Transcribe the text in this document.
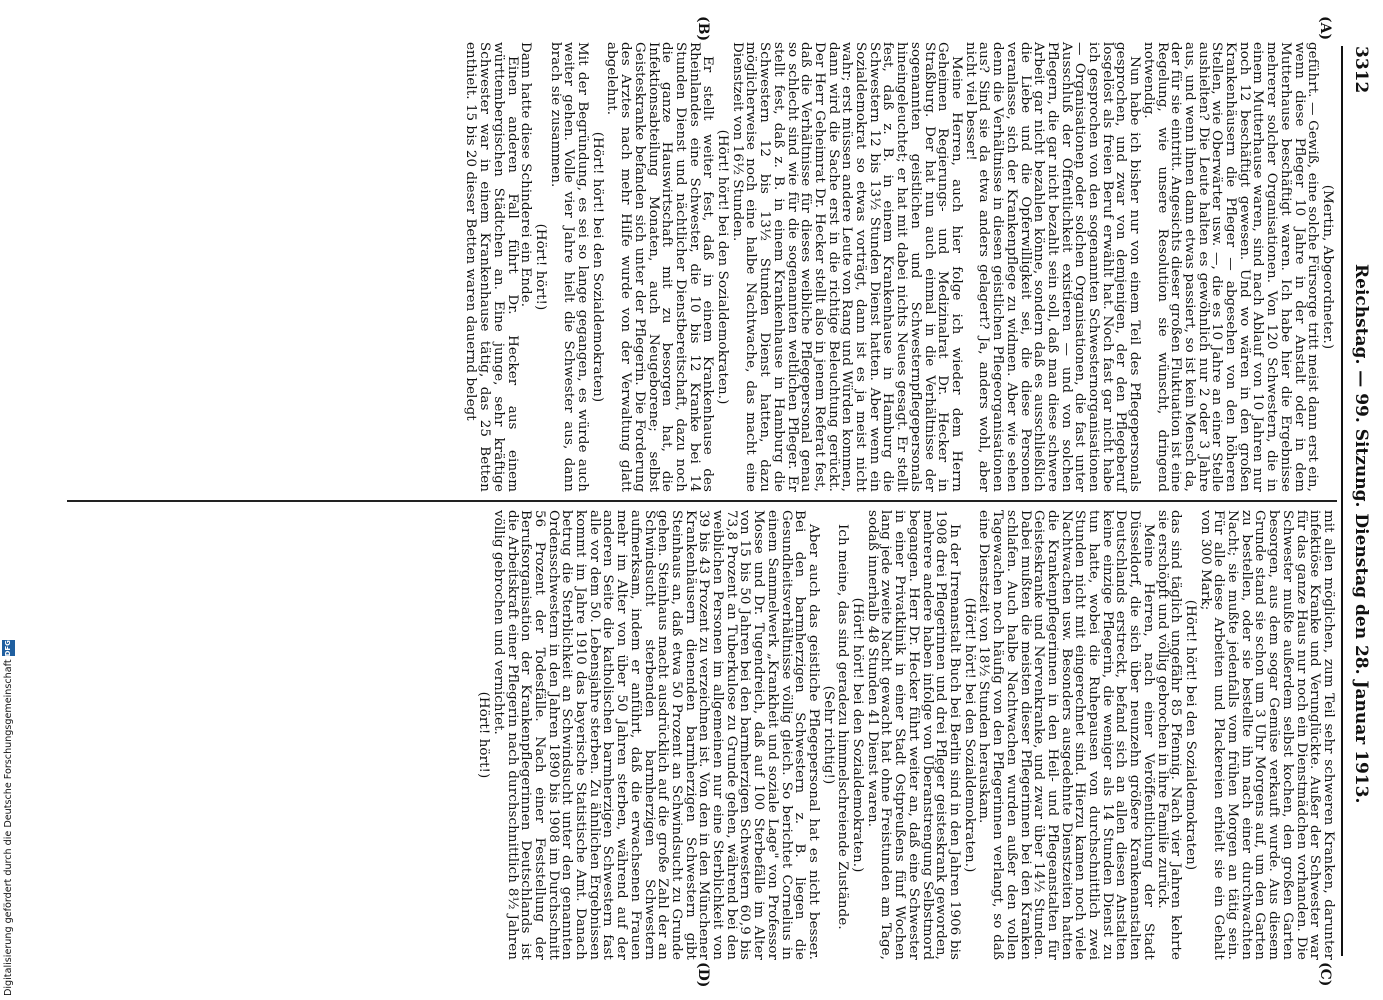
3312
Reichstag. — 99. Sitzung. Dienstag den 28. Januar 1913.
(A)
(B)
(C)
(D)

(Mertin, Abgeordneter.)

geführt. — Gewiß, eine solche Fürsorge tritt meist dann erst ein, wenn diese Pfleger 10 Jahre in der Anstalt oder in dem Mutterhause beschäftigt waren. Ich habe hier die Ergebnisse mehrerer solcher Organisationen. Von 120 Schwestern, die in einem Mutterhause waren, sind nach Ablauf von 10 Jahren nur noch 12 beschäftigt gewesen. Und wo wären in den großen Krankenhäusern die Pfleger — abgesehen von den höheren Stellen, wie Oberwärter usw. —, die es 10 Jahre an einer Stelle aushielten? Die Leute halten es gewöhnlich nur 2 oder 3 Jahre aus, und wenn ihnen dann etwas passiert, so ist kein Mensch da, der für sie eintritt. Angesichts dieser großen Fluktuation ist eine Regelung, wie unsere Resolution sie wünscht, dringend notwendig.

Nun habe ich bisher nur von einem Teil des Pflegepersonals gesprochen, und zwar von demjenigen, der den Pflegeberuf losgelöst als freien Beruf erwählt hat. Noch fast gar nicht habe ich gesprochen von den sogenannten Schwesternorganisationen — Organisationen oder solchen Organisationen, die fast unter Ausschluß der Öffentlichkeit existieren — und von solchen Pflegern, die gar nicht bezahlt sein soll, daß man diese schwere Arbeit gar nicht bezahlen könne, sondern daß es ausschließlich die Liebe und die Opferwilligkeit sei, die diese Personen veranlasse, sich der Krankenpflege zu widmen. Aber wie sehen denn die Verhältnisse in diesen geistlichen Pflegeorganisationen aus? Sind sie da etwa anders gelagert? Ja, anders wohl, aber nicht viel besser!

Meine Herren, auch hier folge ich wieder dem Herrn Geheimen Regierungs- und Medizinalrat Dr. Hecker in Straßburg. Der hat nun auch einmal in die Verhältnisse der sogenannten geistlichen und Schwesternpflegepersonals hineingeleuchtet; er hat mit dabei nichts Neues gesagt. Er stellt fest, daß z. B. in einem Krankenhause in Hamburg die Schwestern 12 bis 13½ Stunden Dienst hatten. Aber wenn ein Sozialdemokrat so etwas vorträgt, dann ist es ja meist nicht wahr; erst müssen andere Leute von Rang und Würden kommen, dann wird die Sache erst in die richtige Beleuchtung gerückt. Der Herr Geheimrat Dr. Hecker stellt also in jenem Referat fest, daß die Verhältnisse für dieses weibliche Pflegepersonal genau so schlecht sind wie für die sogenannten weltlichen Pfleger. Er stellt fest, daß z. B. in einem Krankenhause in Hamburg die Schwestern 12 bis 13½ Stunden Dienst hatten, dazu möglicherweise noch eine halbe Nachtwache, das macht eine Dienstzeit von 16½ Stunden.

(Hört! hört! bei den Sozialdemokraten.)

Er stellt weiter fest, daß in einem Krankenhause des Rheinlandes eine Schwester, die 10 bis 12 Kranke bei 14 Stunden Dienst und nächtlicher Dienstbereitschaft, dazu noch die ganze Hauswirtschaft mit zu besorgen hat, die Infektionsabteilung Monaten, auch Neugeborene; selbst Geisteskranke befanden sich unter der Pflegerin. Die Forderung des Arztes nach mehr Hilfe wurde von der Verwaltung glatt abgelehnt.

(Hört! hört! bei den Sozialdemokraten)

Mit der Begründung, es sei so lange gegangen, es würde auch weiter gehen. Volle vier Jahre hielt die Schwester aus, dann brach sie zusammen.

(Hört! hört!)

Dann hatte diese Schinderei ein Ende.

Einen anderen Fall führt Dr. Hecker aus einem württembergischen Städtchen an. Eine junge, sehr kräftige Schwester war in einem Krankenhause tätig, das 25 Betten enthielt. 15 bis 20 dieser Betten waren dauernd belegt

mit allen möglichen, zum Teil sehr schweren Kranken, darunter infektiöse Kranke und Verunglückte. Außer der Schwester war für das ganze Haus nur noch ein Dienstmädchen vorhanden. Die Schwester mußte außerdem selbst kochen, den großen Garten besorgen, aus dem sogar Gemüse verkauft wurde. Aus diesem Grunde stand sie schon um 3 Uhr Morgens auf, um den Garten zu bestellen, oder sie bestellte ihn nach einer durchwachten Nacht; sie mußte jedenfalls vom frühen Morgen an tätig sein. Für alle diese Arbeiten und Plackereien erhielt sie ein Gehalt von 300 Mark;

(Hört! hört! bei den Sozialdemokraten)

das sind täglich ungefähr 85 Pfennig. Nach vier Jahren kehrte sie erschöpft und völlig gebrochen in ihre Familie zurück.

Meine Herren, nach einer Veröffentlichung der Stadt Düsseldorf, die sich über neunzehn größere Krankenanstalten Deutschlands erstreckt, befand sich an allen diesen Anstalten keine einzige Pflegerin, die weniger als 14 Stunden Dienst zu tun hatte, wobei die Ruhepausen von durchschnittlich zwei Stunden nicht mit eingerechnet sind. Hierzu kamen noch viele Nachtwachen usw. Besonders ausgedehnte Dienstzeiten hatten die Krankenpflegerinnen in den Heil- und Pflegeanstalten für Geisteskranke und Nervenkranke, und zwar über 14½ Stunden. Dabei mußten die meisten dieser Pflegerinnen bei den Kranken schlafen. Auch halbe Nachtwachen wurden außer den vollen Tagewachen noch häufig von den Pflegerinnen verlangt, so daß eine Dienstzeit von 18½ Stunden herauskam.

(Hört! hört! bei den Sozialdemokraten.)

In der Irrenanstalt Buch bei Berlin sind in den Jahren 1906 bis 1908 drei Pflegerinnen und drei Pfleger geisteskrank geworden, mehrere andere haben infolge von Überanstrengung Selbstmord begangen. Herr Dr. Hecker führt weiter an, daß eine Schwester in einer Privatklinik in einer Stadt Ostpreußens fünf Wochen lang jede zweite Nacht gewacht hat ohne Freistunden am Tage, sodaß innerhalb 48 Stunden 41 Dienst waren.

(Hört! hört! bei den Sozialdemokraten.)

Ich meine, das sind geradezu himmelschreiende Zustände.

(Sehr richtig!)

Aber auch das geistliche Pflegepersonal hat es nicht besser. Bei den barmherzigen Schwestern z. B. liegen die Gesundheitsverhältnisse völlig gleich. So berichtet Cornelius in einem Sammelwerk „Krankheit und soziale Lage" von Professor Mosse und Dr. Tugendreich, daß auf 100 Sterbefälle im Alter von 15 bis 50 Jahren bei den barmherzigen Schwestern 60,9 bis 73,8 Prozent an Tuberkulose zu Grunde gehen, während bei den weiblichen Personen im allgemeinen nur eine Sterblichkeit von 39 bis 43 Prozent zu verzeichnen ist. Von den in den Münchener Krankenhäusern dienenden barmherzigen Schwestern gibt Steinhaus an, daß etwa 50 Prozent an Schwindsucht zu Grunde gehen. Steinhaus macht ausdrücklich auf die große Zahl der an Schwindsucht sterbenden barmherzigen Schwestern aufmerksam, indem er anführt, daß die erwachsenen Frauen mehr im Alter von über 50 Jahren sterben, während auf der anderen Seite die katholischen barmherzigen Schwestern fast alle vor dem 50. Lebensjahre sterben. Zu ähnlichen Ergebnissen kommt im Jahre 1910 das bayerische Statistische Amt. Danach betrug die Sterblichkeit an Schwindsucht unter den genannten Ordensschwestern in den Jahren 1890 bis 1908 im Durchschnitt 56 Prozent der Todesfälle. Nach einer Feststellung der Berufsorganisation der Krankenpflegerinnen Deutschlands ist die Arbeitskraft einer Pflegerin nach durchschnittlich 8½ Jahren völlig gebrochen und vernichtet.

(Hört! hört!)

Digitalisierung gefördert durch die Deutsche Forschungsgemeinschaft
DFG
